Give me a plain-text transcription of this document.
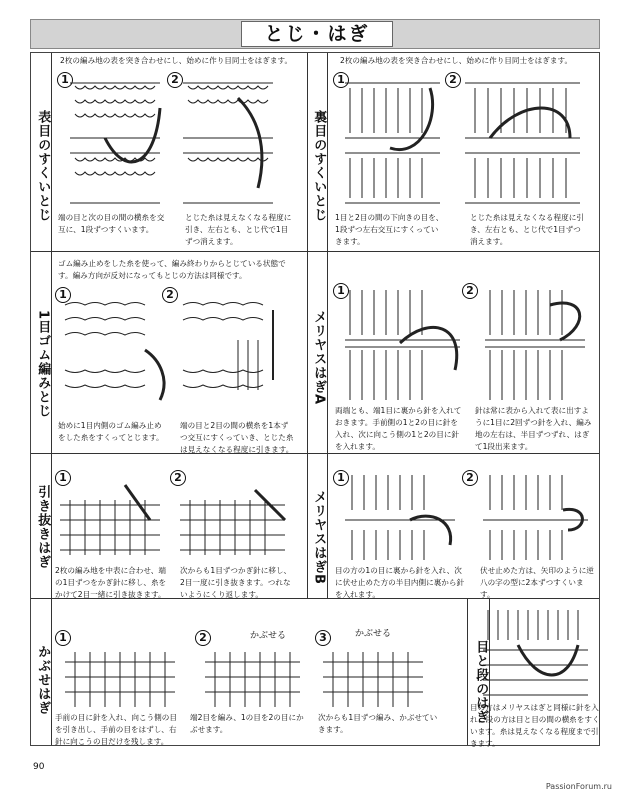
とじ・はぎ
表目のすくいとじ	裏目のすくいとじ
1目ゴム編みとじ	メリヤスはぎA
引き抜きはぎ	メリヤスはぎB
かぶせはぎ	目と段のはぎ
2枚の編み地の表を突き合わせにし、始めに作り目同士をはぎます。
1	2
端の目と次の目の間の横糸を交互に、1段ずつすくいます。
とじた糸は見えなくなる程度に引き、左右とも、とじ代で1目ずつ消えます。
2枚の編み地の表を突き合わせにし、始めに作り目同士をはぎます。
1	2
1目と2目の間の下向きの目を、1段ずつ左右交互にすくっていきます。
とじた糸は見えなくなる程度に引き、左右とも、とじ代で1目ずつ消えます。
ゴム編み止めをした糸を使って、編み終わりからとじている状態です。編み方向が反対になってもとじの方法は同様です。
1	2
始めに1目内側のゴム編み止めをした糸をすくってとじます。
端の目と2目の間の横糸を1本ずつ交互にすくっていき、とじた糸は見えなくなる程度に引きます。
1	2
両端とも、端1目に裏から針を入れておきます。手前側の1と2の目に針を入れ、次に向こう側の1と2の目に針を入れます。
針は常に表から入れて表に出すように1目に2回ずつ針を入れ、編み地の左右は、半目ずつずれ、はぎて1段出来ます。
1	2
2枚の編み地を中表に合わせ、端の1目ずつをかぎ針に移し、糸をかけて2目一緒に引き抜きます。
次からも1目ずつかぎ針に移し、2目一度に引き抜きます。つれないようにくり返します。
1	2
目の方の1の目に裏から針を入れ、次に伏せ止めた方の半目内側に裏から針を入れます。
伏せ止めた方は、矢印のように逆八の字の型に2本ずつすくいます。
1	2	3
かぶせる	かぶせる
手前の目に針を入れ、向こう側の目を引き出し、手前の目をはずし、右針に向こうの目だけを残します。
端2目を編み、1の目を2の目にかぶせます。
次からも1目ずつ編み、かぶせていきます。
目の方はメリヤスはぎと同様に針を入れ、段の方は目と目の間の横糸をすくいます。糸は見えなくなる程度まで引きます。
90
PassionForum.ru
